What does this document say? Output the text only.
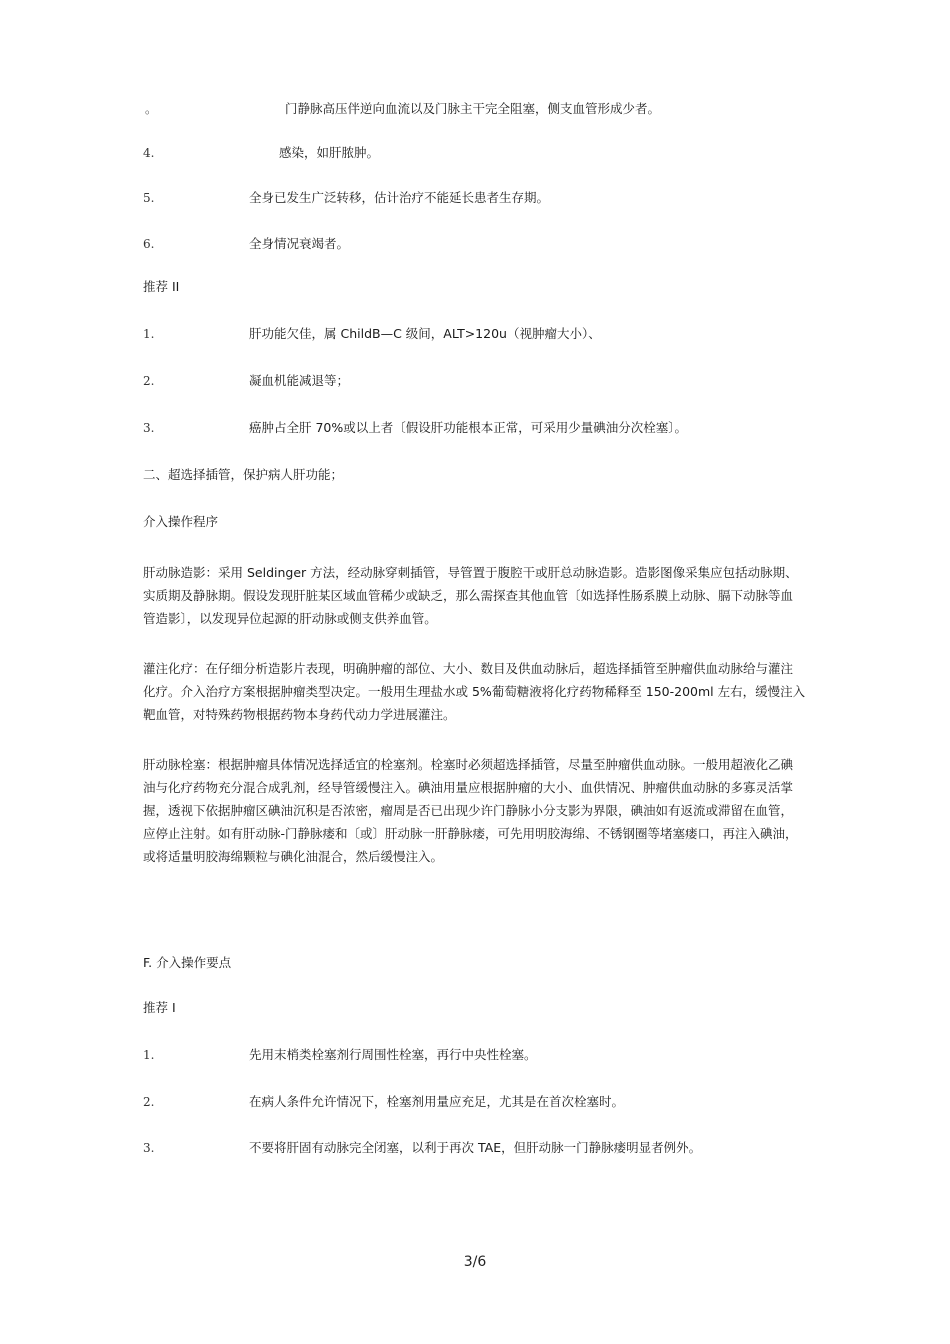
。	门静脉高压伴逆向血流以及门脉主干完全阻塞，侧支血管形成少者。
4.	感染，如肝脓肿。
5.	全身已发生广泛转移，估计治疗不能延长患者生存期。
6.	全身情况衰竭者。
推荐 II
1.	肝功能欠佳，属 ChildB—C 级间，ALT>120u（视肿瘤大小）、
2.	凝血机能减退等；
3.	癌肿占全肝 70%或以上者〔假设肝功能根本正常，可采用少量碘油分次栓塞〕。
二、超选择插管，保护病人肝功能；
介入操作程序
肝动脉造影：采用 Seldinger 方法，经动脉穿刺插管，导管置于腹腔干或肝总动脉造影。造影图像采集应包括动脉期、
实质期及静脉期。假设发现肝脏某区域血管稀少或缺乏，那么需探查其他血管〔如选择性肠系膜上动脉、膈下动脉等血
管造影〕，以发现异位起源的肝动脉或侧支供养血管。
灌注化疗：在仔细分析造影片表现，明确肿瘤的部位、大小、数目及供血动脉后，超选择插管至肿瘤供血动脉给与灌注
化疗。介入治疗方案根据肿瘤类型决定。一般用生理盐水或 5%葡萄糖液将化疗药物稀释至 150-200ml 左右，缓慢注入
靶血管，对特殊药物根据药物本身药代动力学进展灌注。
肝动脉栓塞：根据肿瘤具体情况选择适宜的栓塞剂。栓塞时必须超选择插管，尽量至肿瘤供血动脉。一般用超液化乙碘
油与化疗药物充分混合成乳剂，经导管缓慢注入。碘油用量应根据肿瘤的大小、血供情况、肿瘤供血动脉的多寡灵活掌
握，透视下依据肿瘤区碘油沉积是否浓密，瘤周是否已出现少许门静脉小分支影为界限，碘油如有返流或滞留在血管，
应停止注射。如有肝动脉-门静脉瘘和〔或〕肝动脉一肝静脉瘘，可先用明胶海绵、不锈钢圈等堵塞瘘口，再注入碘油，
或将适量明胶海绵颗粒与碘化油混合，然后缓慢注入。
F. 介入操作要点
推荐 I
1.	先用末梢类栓塞剂行周围性栓塞，再行中央性栓塞。
2.	在病人条件允许情况下，栓塞剂用量应充足，尤其是在首次栓塞时。
3.	不要将肝固有动脉完全闭塞，以利于再次 TAE，但肝动脉一门静脉瘘明显者例外。
3/6
